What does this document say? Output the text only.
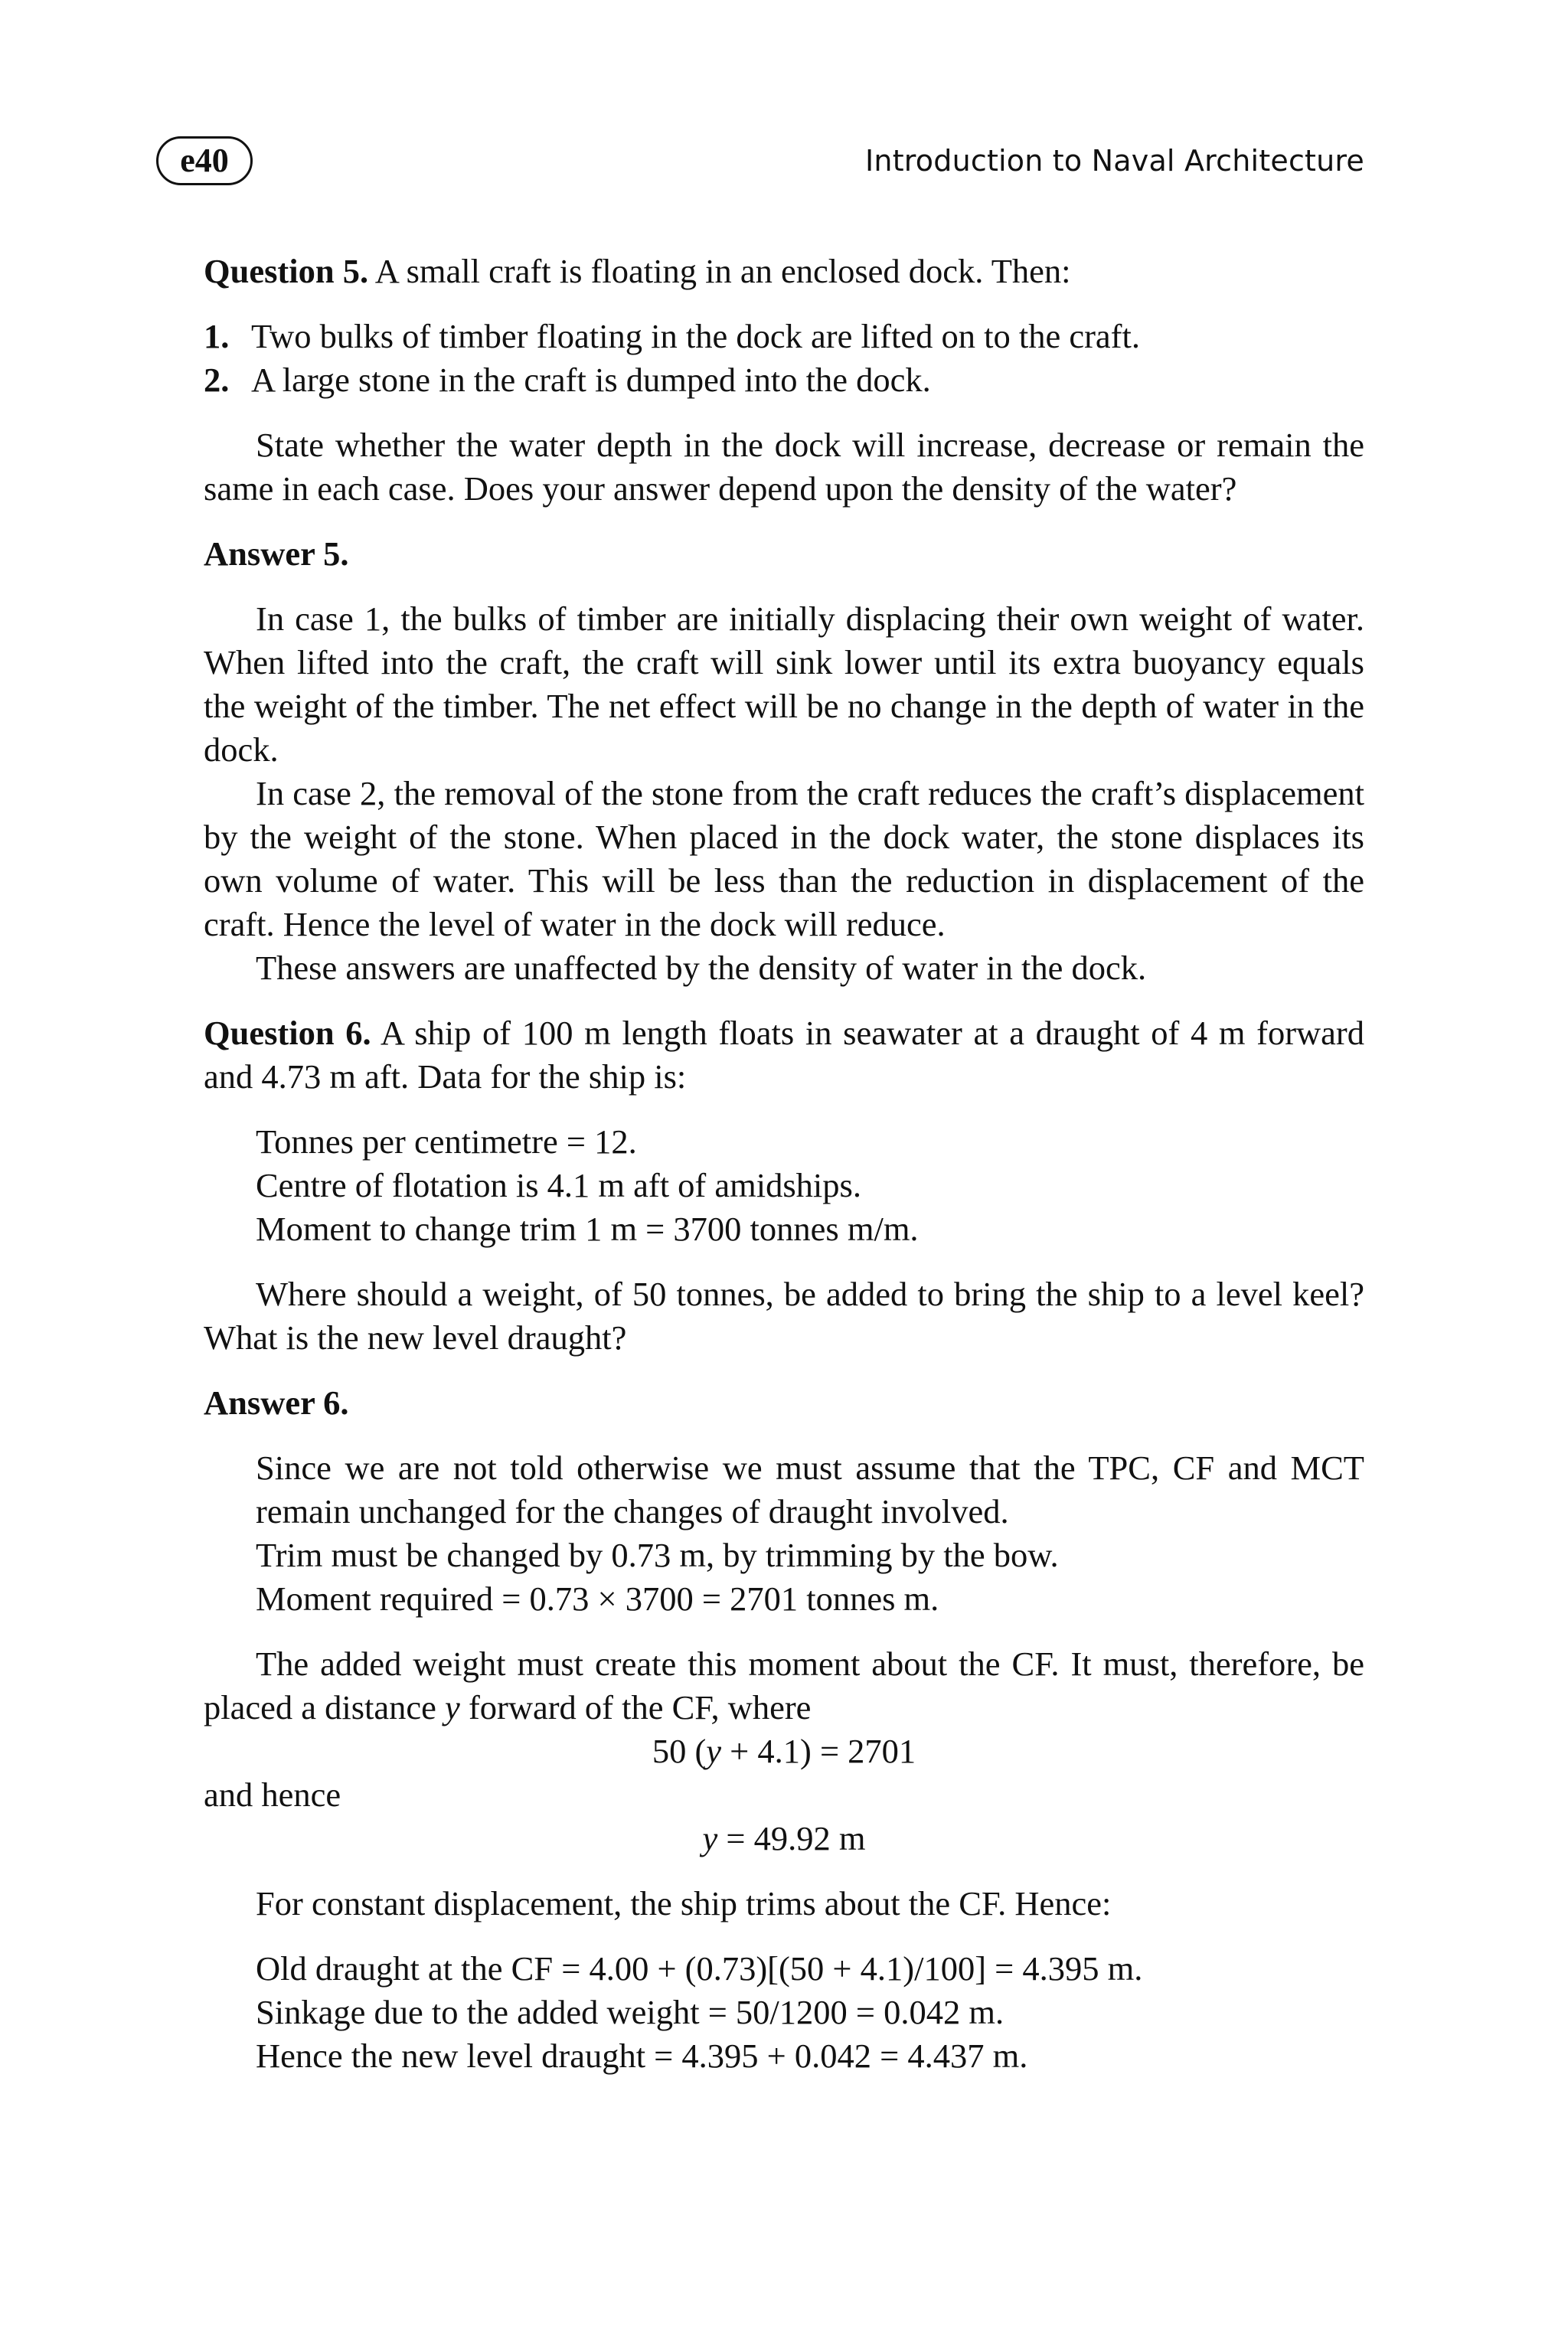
e40	Introduction to Naval Architecture

Question 5. A small craft is floating in an enclosed dock. Then:

1. Two bulks of timber floating in the dock are lifted on to the craft.

2. A large stone in the craft is dumped into the dock.

State whether the water depth in the dock will increase, decrease or remain the same in each case. Does your answer depend upon the density of the water?

Answer 5.

In case 1, the bulks of timber are initially displacing their own weight of water. When lifted into the craft, the craft will sink lower until its extra buoyancy equals the weight of the timber. The net effect will be no change in the depth of water in the dock.

In case 2, the removal of the stone from the craft reduces the craft’s displacement by the weight of the stone. When placed in the dock water, the stone displaces its own volume of water. This will be less than the reduction in displacement of the craft. Hence the level of water in the dock will reduce.

These answers are unaffected by the density of water in the dock.

Question 6. A ship of 100 m length floats in seawater at a draught of 4 m forward and 4.73 m aft. Data for the ship is:

Tonnes per centimetre = 12.

Centre of flotation is 4.1 m aft of amidships.

Moment to change trim 1 m = 3700 tonnes m/m.

Where should a weight, of 50 tonnes, be added to bring the ship to a level keel? What is the new level draught?

Answer 6.

Since we are not told otherwise we must assume that the TPC, CF and MCT remain unchanged for the changes of draught involved.

Trim must be changed by 0.73 m, by trimming by the bow.

Moment required = 0.73 × 3700 = 2701 tonnes m.

The added weight must create this moment about the CF. It must, therefore, be placed a distance y forward of the CF, where

50 (y + 4.1) = 2701

and hence

y = 49.92 m

For constant displacement, the ship trims about the CF. Hence:

Old draught at the CF = 4.00 + (0.73)[(50 + 4.1)/100] = 4.395 m.

Sinkage due to the added weight = 50/1200 = 0.042 m.

Hence the new level draught = 4.395 + 0.042 = 4.437 m.
